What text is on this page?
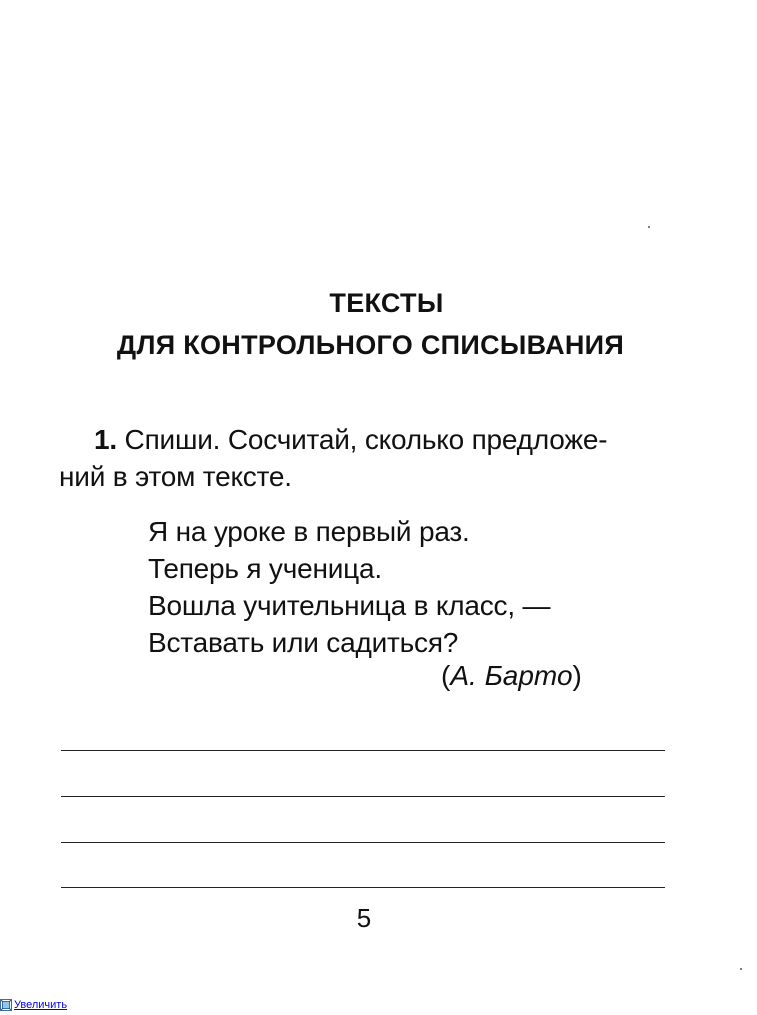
ТЕКСТЫ
ДЛЯ КОНТРОЛЬНОГО СПИСЫВАНИЯ
1. Спиши. Сосчитай, сколько предложе-
ний в этом тексте.
Я на уроке в первый раз.
Теперь я ученица.
Вошла учительница в класс, —
Вставать или садиться?
(А. Барто)
5
Увеличить
